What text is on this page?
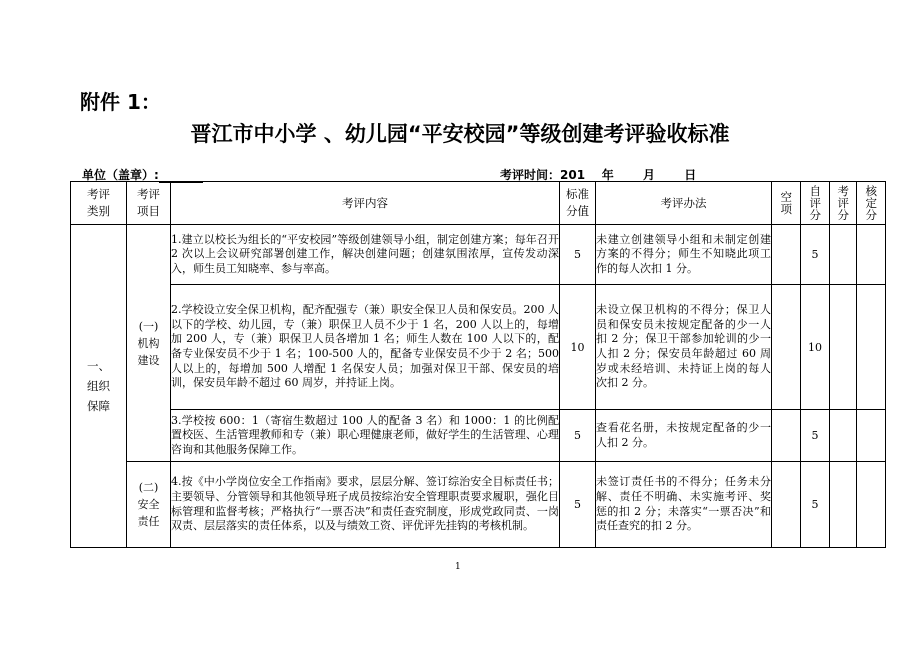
附件 1：
晋江市中小学 、幼儿园“平安校园”等级创建考评验收标准
单位（盖章）:	考评时间：201    年       月       日
考评类别	考评项目	考评内容	标准分值	考评办法	空项	自评分	考评分	核定分

一、组织保障	(一)机构建设	1.建立以校长为组长的“平安校园”等级创建领导小组，制定创建方案；每年召开 2 次以上会议研究部署创建工作，解决创建问题；创建氛围浓厚，宣传发动深入，师生员工知晓率、参与率高。	5	未建立创建领导小组和未制定创建方案的不得分；师生不知晓此项工作的每人次扣 1 分。		5		
		2.学校设立安全保卫机构，配齐配强专（兼）职安全保卫人员和保安员。200 人以下的学校、幼儿园，专（兼）职保卫人员不少于 1 名，200 人以上的，每增加 200 人，专（兼）职保卫人员各增加 1 名；师生人数在 100 人以下的，配备专业保安员不少于 1 名；100-500 人的，配备专业保安员不少于 2 名；500 人以上的，每增加 500 人增配 1 名保安人员；加强对保卫干部、保安员的培训，保安员年龄不超过 60 周岁，并持证上岗。	10	未设立保卫机构的不得分；保卫人员和保安员未按规定配备的少一人扣 2 分；保卫干部参加轮训的少一人扣 2 分；保安员年龄超过 60 周岁或未经培训、未持证上岗的每人次扣 2 分。		10		
		3.学校按 600：1（寄宿生数超过 100 人的配备 3 名）和 1000：1 的比例配置校医、生活管理教师和专（兼）职心理健康老师，做好学生的生活管理、心理咨询和其他服务保障工作。	5	查看花名册，未按规定配备的少一人扣 2 分。		5		

	(二)安全责任	4.按《中小学岗位安全工作指南》要求，层层分解、签订综治安全目标责任书；主要领导、分管领导和其他领导班子成员按综治安全管理职责要求履职，强化目标管理和监督考核；严格执行“一票否决”和责任查究制度，形成党政同责、一岗双责、层层落实的责任体系，以及与绩效工资、评优评先挂钩的考核机制。	5	未签订责任书的不得分；任务未分解、责任不明确、未实施考评、奖惩的扣 2 分；未落实“一票否决”和责任查究的扣 2 分。		5		
1
